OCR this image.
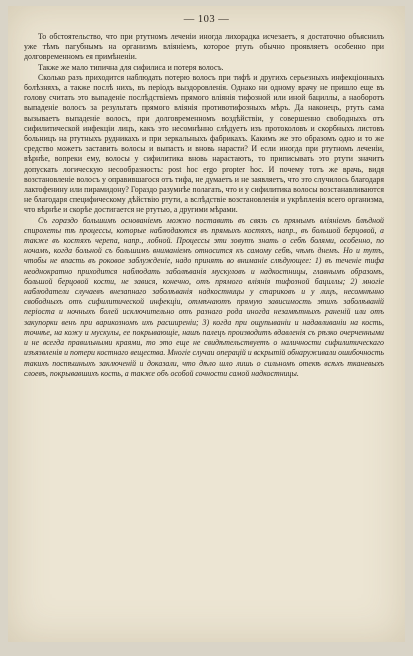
— 103 —

То обстоятельство, что при ртутномъ леченіи иногда лихорадка исчезаетъ, я достаточно объяснилъ уже тѣмъ пагубнымъ на организмъ вліяніемъ, которое ртуть обычно проявляетъ особенно при долговременномъ ея примѣненіи.

Также же мало типична для сифилиса и потеря волосъ.

Сколько разъ приходится наблюдать потерю волосъ при тифѣ и другихъ серьезныхъ инфекціонныхъ болѣзняхъ, а также послѣ нихъ, въ періодъ выздоровленія. Однако ни одному врачу не пришло еще въ голову считать это выпаденіе послѣдствіемъ прямого вліянія тифозной или иной бациллы, а наоборотъ выпаденіе волосъ за результатъ прямого вліянія противотифозныхъ мѣръ. Да наконецъ, ртуть сама вызываетъ выпаденіе волосъ, при долговременномъ воздѣйствіи, у совершенно свободныхъ отъ сифилитической инфекціи лицъ, какъ это несомнѣнно слѣдуетъ изъ протоколовъ и скорбныхъ листовъ больницъ на ртутныхъ рудникахъ и при зеркальныхъ фабрикахъ. Какимъ же это образомъ одно и то же средство можетъ заставить волосы и выпасть и вновь нарасти? И если иногда при ртутномъ леченіи, вѣрнѣе, вопреки ему, волосы у сифилитика вновь нарастаютъ, то приписывать это ртути значитъ допускать логическую несообразность: post hoc ergo propter hoc. И почему тотъ же врачь, видя возстановленіе волосъ у оправившагося отъ тифа, не думаетъ и не заявляетъ, что это случилось благодаря лактофенину или пирамидону? Гораздо разумнѣе полагать, что и у сифилитика волосы возстанавливаются не благодаря специфическому дѣйствію ртути, а вслѣдствіе возстановленія и укрѣпленія всего организма, что вѣрнѣе и скорѣе достигается не ртутью, а другими мѣрами.

Съ гораздо большимъ основаніемъ можно поставить въ связь съ прямымъ вліяніемъ блѣдной спирохеты тѣ процессы, которые наблюдаются въ прямыхъ костяхъ, напр., въ большой берцовой, а также въ костяхъ черепа, напр., лобной. Процессы эти зовутъ знать о себѣ болями, особенно, по ночамъ, когда больной съ большимъ вниманіемъ относится къ самому себѣ, чѣмъ днемъ. Но и тутъ, чтобы не впасть въ роковое заблужденіе, надо принять во вниманіе слѣдующее: 1) въ теченіе тифа неоднократно приходится наблюдать заболѣванія мускуловъ и надкостницы, главнымъ образомъ, большой берцовой кости, не завися, конечно, отъ прямого вліянія тифозной бациллы; 2) многіе наблюдатели случаевъ внезапнаго заболѣванія надкостницы у стариковъ и у лицъ, несомнѣнно свободныхъ отъ сифилитической инфекціи, отмѣчаютъ прямую зависимость этихъ заболѣваній періоста и ночныхъ болей исключительно отъ разнаго рода иногда незамѣтныхъ раненій или отъ закупорки венъ при варикозномъ ихъ расширеніи; 3) когда при ощупываніи и надавливаніи на кость, точнѣе, на кожу и мускулы, ее покрывающіе, нашъ палецъ производитъ вдавленія съ рѣзко очерченными и не всегда правильными краями, то это еще не свидѣтельствуетъ о наличности сифилитическаго изъязвленія и потери костнаго вещества. Многіе случаи операцій и вскрытій обнаруживали ошибочность такихъ поспѣшныхъ заключеній и доказали, что дѣло шло лишь о сильномъ отекѣ всѣхъ тканевыхъ слоевъ, покрывавшихъ кость, а также объ особой сочности самой надкостницы.
